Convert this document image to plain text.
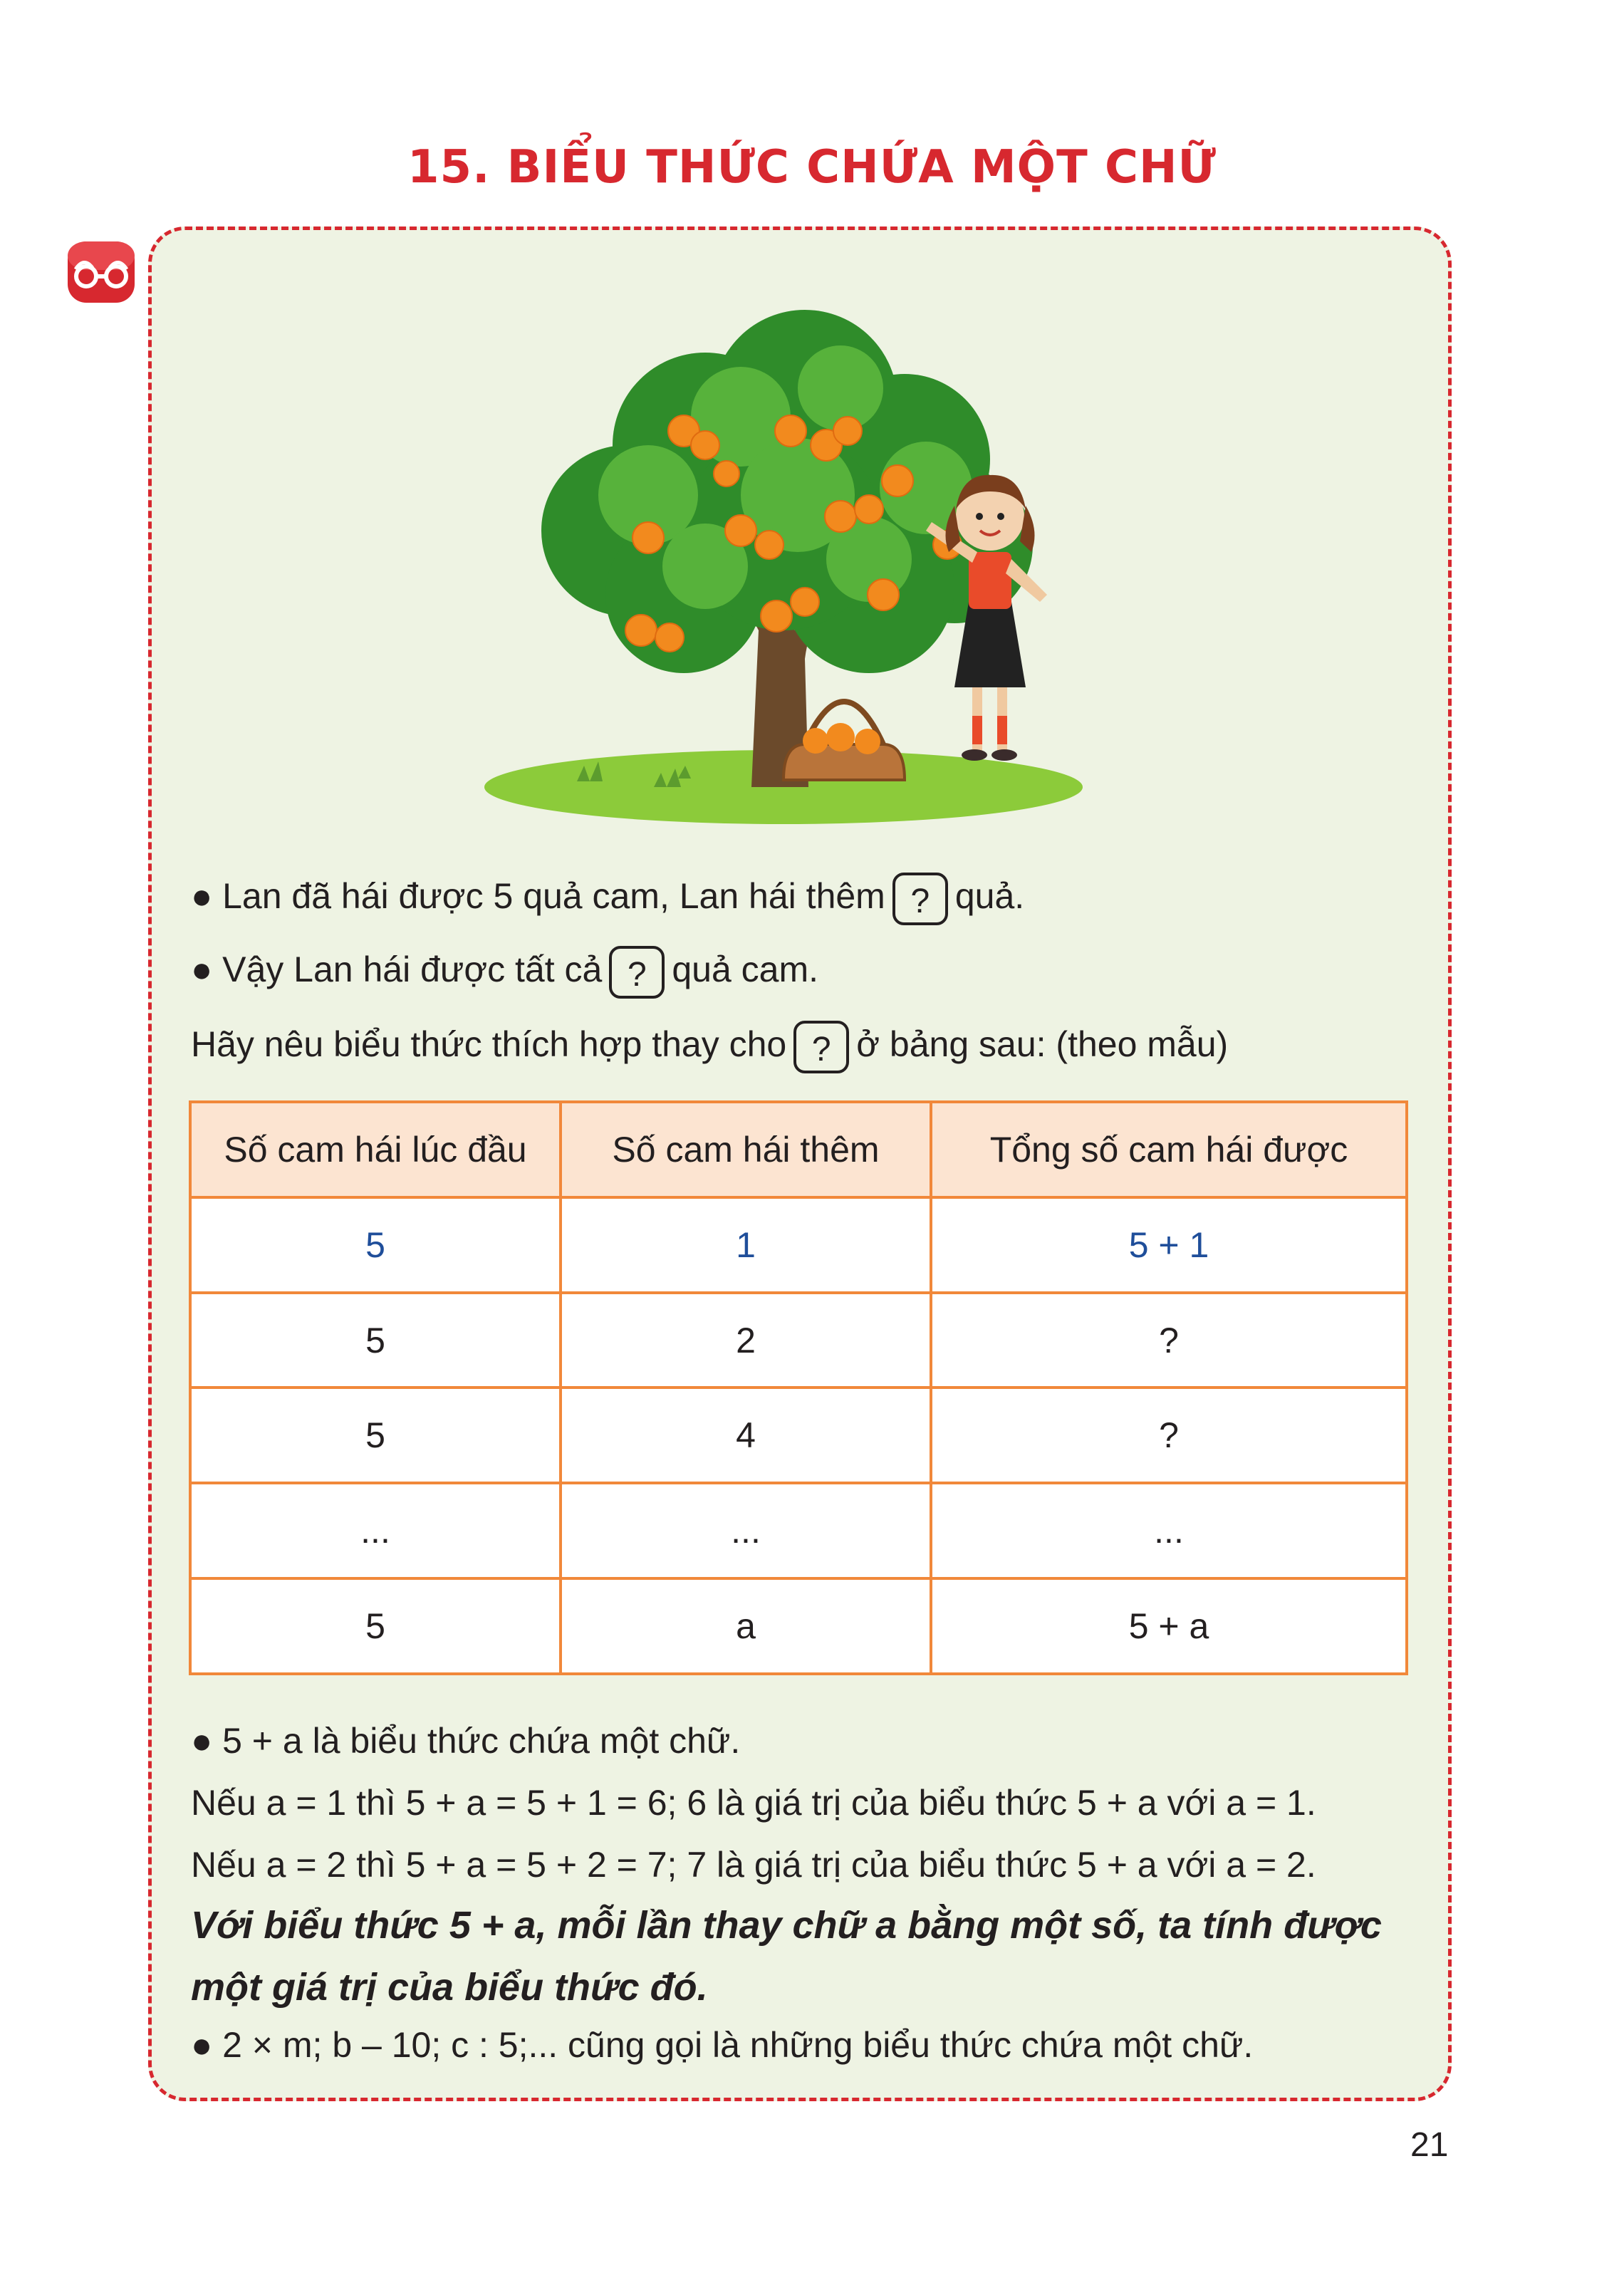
15. BIỂU THỨC CHỨA MỘT CHỮ
● Lan đã hái được 5 quả cam, Lan hái thêm ? quả.
● Vậy Lan hái được tất cả ? quả cam.
Hãy nêu biểu thức thích hợp thay cho ? ở bảng sau: (theo mẫu)
Số cam hái lúc đầu	Số cam hái thêm	Tổng số cam hái được
5	1	5 + 1
5	2	?
5	4	?
...	...	...
5	a	5 + a
● 5 + a là biểu thức chứa một chữ.
Nếu a = 1 thì 5 + a = 5 + 1 = 6; 6 là giá trị của biểu thức 5 + a với a = 1.
Nếu a = 2 thì 5 + a = 5 + 2 = 7; 7 là giá trị của biểu thức 5 + a với a = 2.
Với biểu thức 5 + a, mỗi lần thay chữ a bằng một số, ta tính được một giá trị của biểu thức đó.
● 2 × m; b – 10; c : 5;... cũng gọi là những biểu thức chứa một chữ.
21
